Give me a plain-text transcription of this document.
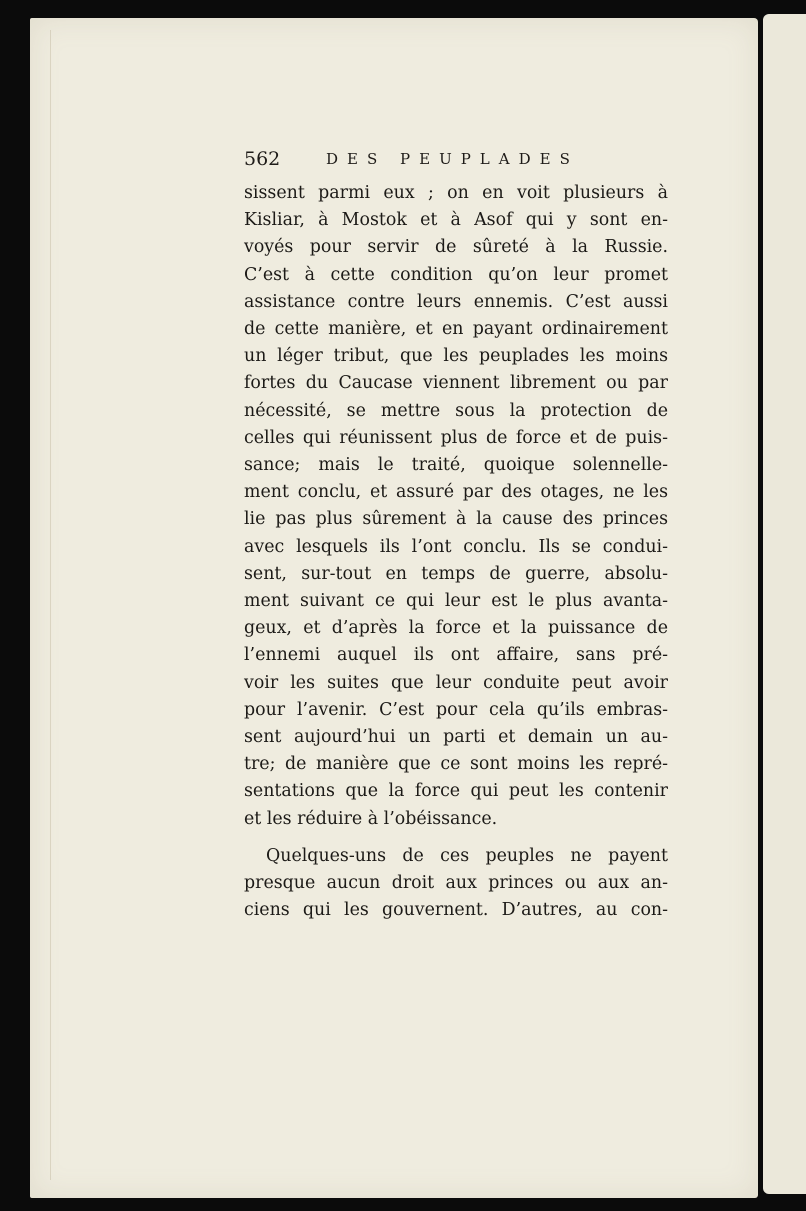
562	DES PEUPLADES

sissent parmi eux ; on en voit plusieurs à
Kisliar, à Mostok et à Asof qui y sont en-
voyés pour servir de sûreté à la Russie.
C’est à cette condition qu’on leur promet
assistance contre leurs ennemis. C’est aussi
de cette manière, et en payant ordinairement
un léger tribut, que les peuplades les moins
fortes du Caucase viennent librement ou par
nécessité, se mettre sous la protection de
celles qui réunissent plus de force et de puis-
sance; mais le traité, quoique solennelle-
ment conclu, et assuré par des otages, ne les
lie pas plus sûrement à la cause des princes
avec lesquels ils l’ont conclu. Ils se condui-
sent, sur-tout en temps de guerre, absolu-
ment suivant ce qui leur est le plus avanta-
geux, et d’après la force et la puissance de
l’ennemi auquel ils ont affaire, sans pré-
voir les suites que leur conduite peut avoir
pour l’avenir. C’est pour cela qu’ils embras-
sent aujourd’hui un parti et demain un au-
tre; de manière que ce sont moins les repré-
sentations que la force qui peut les contenir
et les réduire à l’obéissance.

Quelques-uns de ces peuples ne payent
presque aucun droit aux princes ou aux an-
ciens qui les gouvernent. D’autres, au con-
